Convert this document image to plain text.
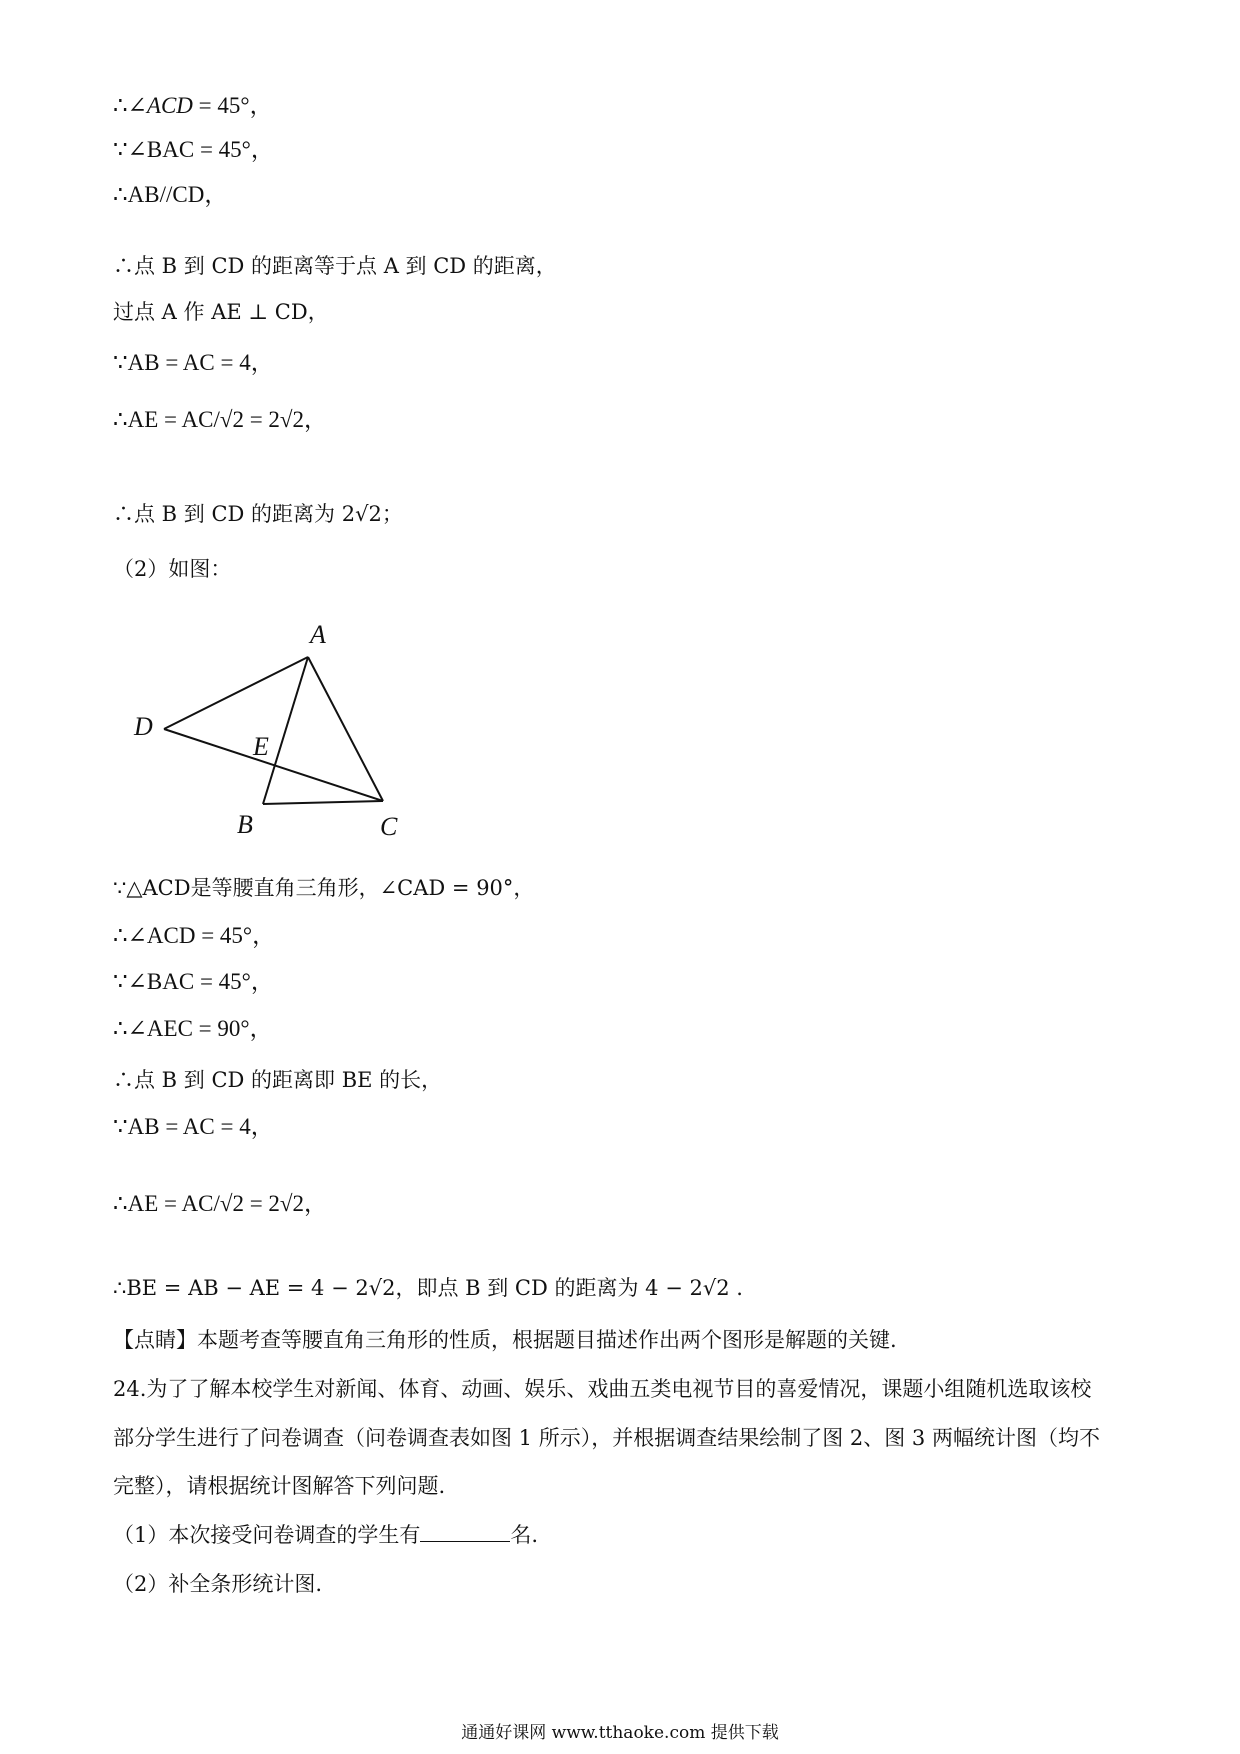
∴∠ACD = 45°，
∵∠BAC = 45°，
∴AB//CD，
∴点 B 到 CD 的距离等于点 A 到 CD 的距离，
过点 A 作 AE ⊥ CD，
∵AB = AC = 4，
∴AE = AC/√2 = 2√2，
∴点 B 到 CD 的距离为 2√2；
（2）如图：
A
D
E
B	C
∵△ACD是等腰直角三角形，∠CAD = 90°，
∴∠ACD = 45°，
∵∠BAC = 45°，
∴∠AEC = 90°，
∴点 B 到 CD 的距离即 BE 的长，
∵AB = AC = 4，
∴AE = AC/√2 = 2√2，
∴BE = AB − AE = 4 − 2√2，即点 B 到 CD 的距离为 4 − 2√2 .
【点睛】本题考查等腰直角三角形的性质，根据题目描述作出两个图形是解题的关键.
24.为了了解本校学生对新闻、体育、动画、娱乐、戏曲五类电视节目的喜爱情况，课题小组随机选取该校
部分学生进行了问卷调查（问卷调查表如图 1 所示），并根据调查结果绘制了图 2、图 3 两幅统计图（均不
完整），请根据统计图解答下列问题.
（1）本次接受问卷调查的学生有	名.
（2）补全条形统计图.
通通好课网 www.tthaoke.com 提供下载
